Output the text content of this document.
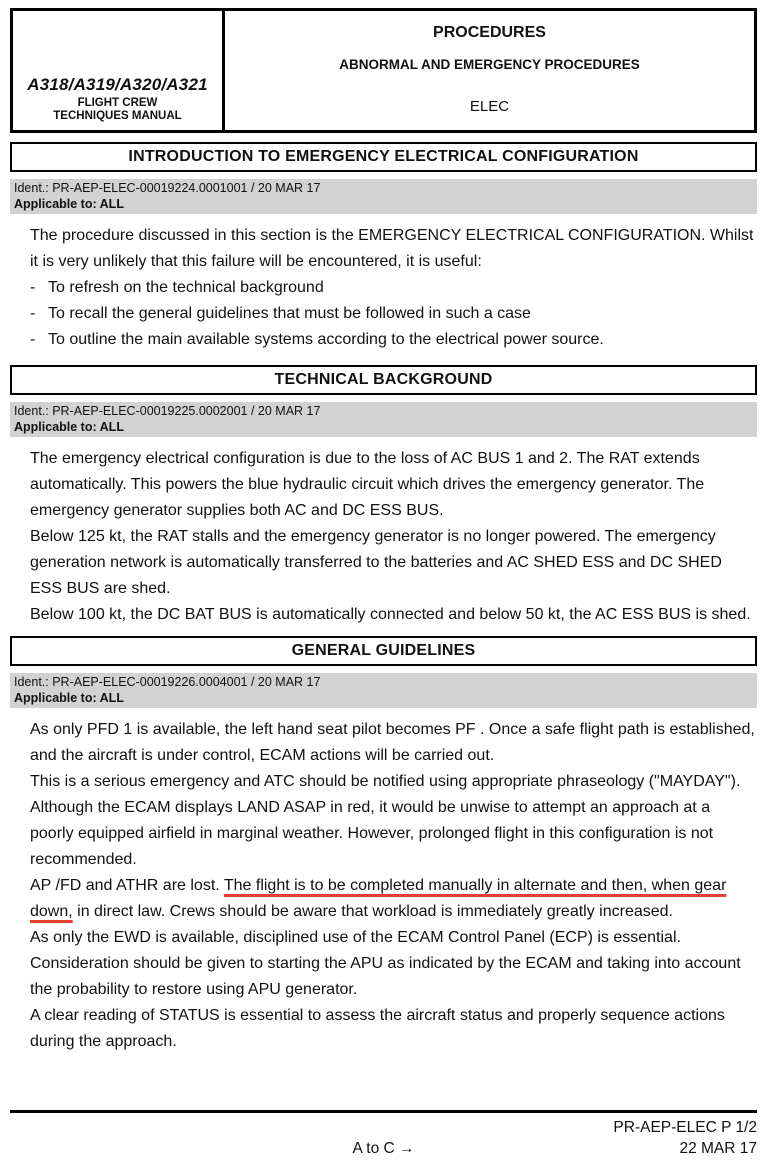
A318/A319/A320/A321
FLIGHT CREW
TECHNIQUES MANUAL
PROCEDURES
ABNORMAL AND EMERGENCY PROCEDURES
ELEC
INTRODUCTION TO EMERGENCY ELECTRICAL CONFIGURATION
Ident.: PR-AEP-ELEC-00019224.0001001 / 20 MAR 17
Applicable to: ALL
The procedure discussed in this section is the EMERGENCY ELECTRICAL CONFIGURATION. Whilst it is very unlikely that this failure will be encountered, it is useful:
- To refresh on the technical background
- To recall the general guidelines that must be followed in such a case
- To outline the main available systems according to the electrical power source.
TECHNICAL BACKGROUND
Ident.: PR-AEP-ELEC-00019225.0002001 / 20 MAR 17
Applicable to: ALL
The emergency electrical configuration is due to the loss of AC BUS 1 and 2. The RAT extends automatically. This powers the blue hydraulic circuit which drives the emergency generator. The emergency generator supplies both AC and DC ESS BUS.
Below 125 kt, the RAT stalls and the emergency generator is no longer powered. The emergency generation network is automatically transferred to the batteries and AC SHED ESS and DC SHED ESS BUS are shed.
Below 100 kt, the DC BAT BUS is automatically connected and below 50 kt, the AC ESS BUS is shed.
GENERAL GUIDELINES
Ident.: PR-AEP-ELEC-00019226.0004001 / 20 MAR 17
Applicable to: ALL
As only PFD 1 is available, the left hand seat pilot becomes PF . Once a safe flight path is established, and the aircraft is under control, ECAM actions will be carried out.
This is a serious emergency and ATC should be notified using appropriate phraseology ("MAYDAY"). Although the ECAM displays LAND ASAP in red, it would be unwise to attempt an approach at a poorly equipped airfield in marginal weather. However, prolonged flight in this configuration is not recommended.
AP /FD and ATHR are lost. The flight is to be completed manually in alternate and then, when gear down, in direct law. Crews should be aware that workload is immediately greatly increased.
As only the EWD is available, disciplined use of the ECAM Control Panel (ECP) is essential.
Consideration should be given to starting the APU as indicated by the ECAM and taking into account the probability to restore using APU generator.
A clear reading of STATUS is essential to assess the aircraft status and properly sequence actions during the approach.
PR-AEP-ELEC P 1/2
A to C →	22 MAR 17
